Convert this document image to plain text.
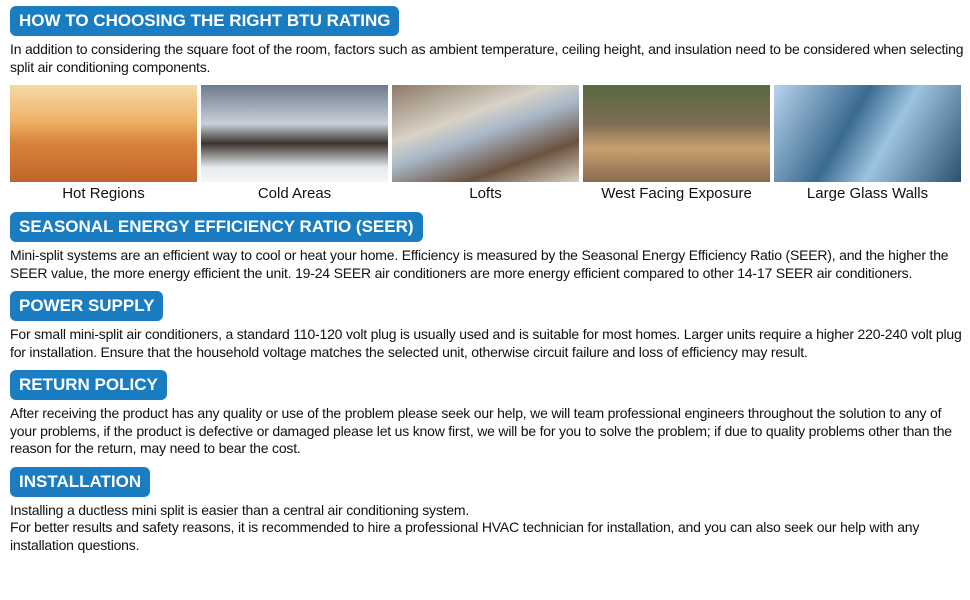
HOW TO CHOOSING THE RIGHT BTU RATING
In addition to considering the square foot of the room, factors such as ambient temperature, ceiling height, and insulation need to be considered when selecting split air conditioning components.
Hot Regions	Cold Areas	Lofts	West Facing Exposure	Large Glass Walls
SEASONAL ENERGY EFFICIENCY RATIO (SEER)
Mini-split systems are an efficient way to cool or heat your home. Efficiency is measured by the Seasonal Energy Efficiency Ratio (SEER), and the higher the SEER value, the more energy efficient the unit. 19-24 SEER air conditioners are more energy efficient compared to other 14-17 SEER air conditioners.
POWER SUPPLY
For small mini-split air conditioners, a standard 110-120 volt plug is usually used and is suitable for most homes. Larger units require a higher 220-240 volt plug for installation. Ensure that the household voltage matches the selected unit, otherwise circuit failure and loss of efficiency may result.
RETURN POLICY
After receiving the product has any quality or use of the problem please seek our help, we will team professional engineers throughout the solution to any of your problems, if the product is defective or damaged please let us know first, we will be for you to solve the problem; if due to quality problems other than the reason for the return, may need to bear the cost.
INSTALLATION
Installing a ductless mini split is easier than a central air conditioning system.
For better results and safety reasons, it is recommended to hire a professional HVAC technician for installation, and you can also seek our help with any installation questions.
